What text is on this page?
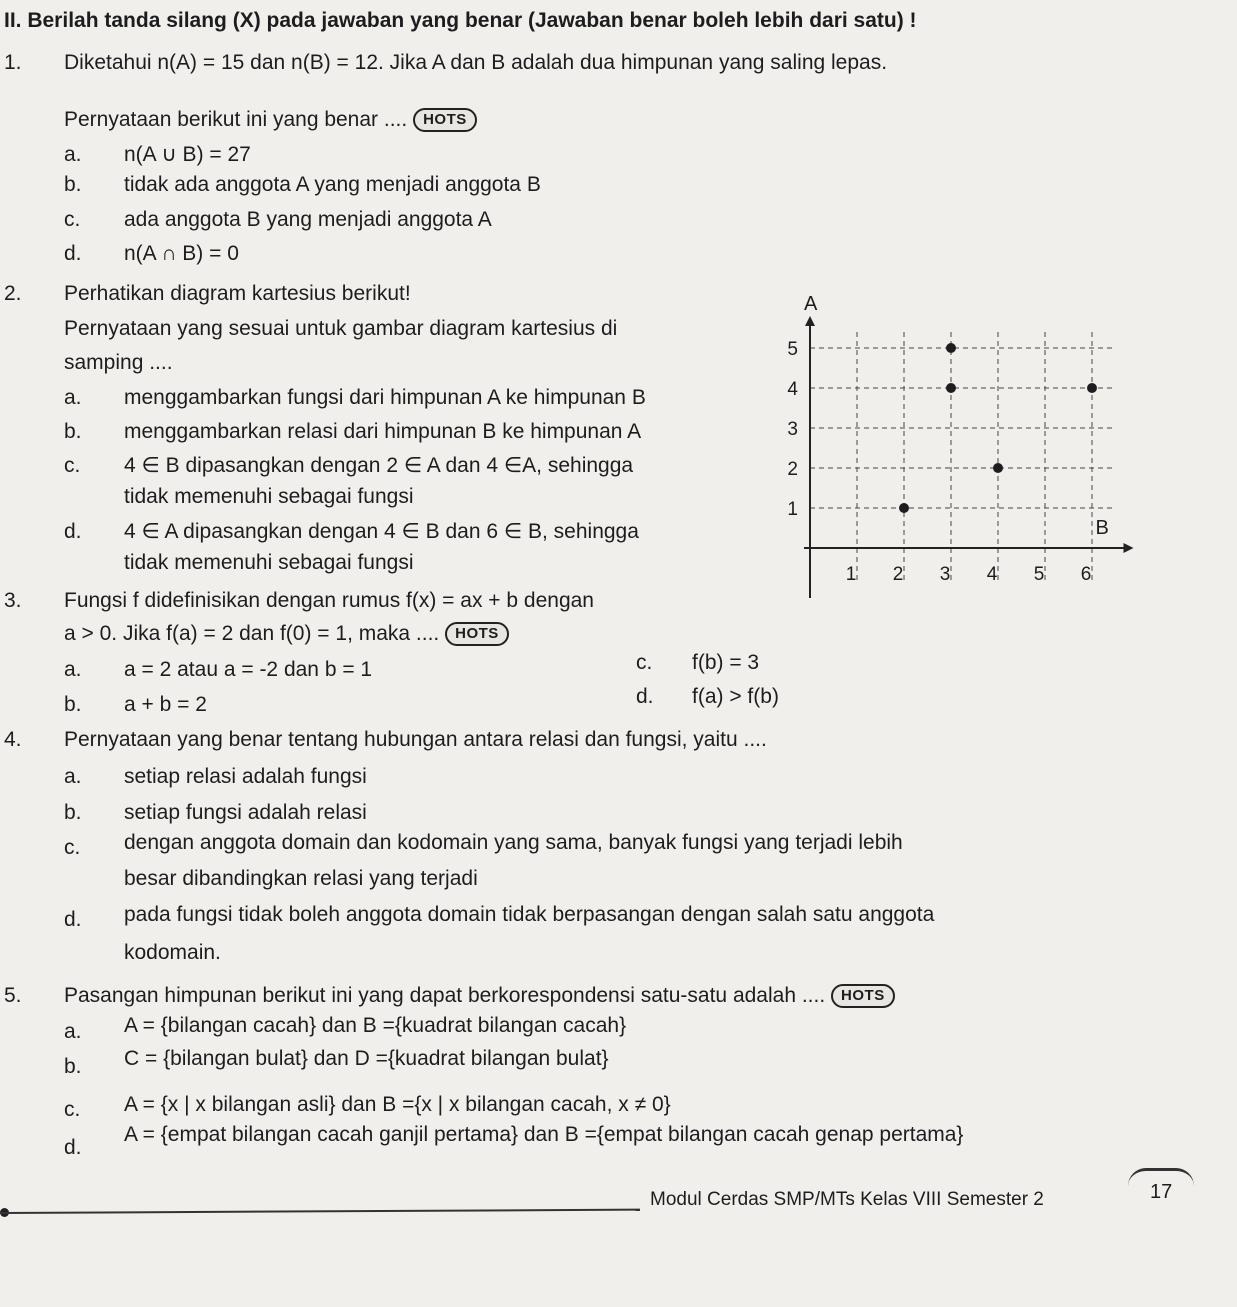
II. Berilah tanda silang (X) pada jawaban yang benar (Jawaban benar boleh lebih dari satu) !
1. Diketahui n(A) = 15 dan n(B) = 12. Jika A dan B adalah dua himpunan yang saling lepas.
Pernyataan berikut ini yang benar .... HOTS
a. n(A ∪ B) = 27
b. tidak ada anggota A yang menjadi anggota B
c. ada anggota B yang menjadi anggota A
d. n(A ∩ B) = 0
2. Perhatikan diagram kartesius berikut!
Pernyataan yang sesuai untuk gambar diagram kartesius di
samping ....
a. menggambarkan fungsi dari himpunan A ke himpunan B
b. menggambarkan relasi dari himpunan B ke himpunan A
c. 4 ∈ B dipasangkan dengan 2 ∈ A dan 4 ∈A, sehingga
tidak memenuhi sebagai fungsi
d. 4 ∈ A dipasangkan dengan 4 ∈ B dan 6 ∈ B, sehingga
tidak memenuhi sebagai fungsi
1
2
3
4
5
1 2 3 4 5 6
A
B
3. Fungsi f didefinisikan dengan rumus f(x) = ax + b dengan
a > 0. Jika f(a) = 2 dan f(0) = 1, maka .... HOTS
a. a = 2 atau a = -2 dan b = 1
b. a + b = 2
c. f(b) = 3
d. f(a) > f(b)
4. Pernyataan yang benar tentang hubungan antara relasi dan fungsi, yaitu ....
a. setiap relasi adalah fungsi
b. setiap fungsi adalah relasi
c. dengan anggota domain dan kodomain yang sama, banyak fungsi yang terjadi lebih
besar dibandingkan relasi yang terjadi
d. pada fungsi tidak boleh anggota domain tidak berpasangan dengan salah satu anggota
kodomain.
5. Pasangan himpunan berikut ini yang dapat berkorespondensi satu-satu adalah .... HOTS
a. A = {bilangan cacah} dan B ={kuadrat bilangan cacah}
b. C = {bilangan bulat} dan D ={kuadrat bilangan bulat}
c. A = {x | x bilangan asli} dan B ={x | x bilangan cacah, x ≠ 0}
d.
A = {empat bilangan cacah ganjil pertama} dan B ={empat bilangan cacah genap pertama}
Modul Cerdas SMP/MTs Kelas VIII Semester 2	17
